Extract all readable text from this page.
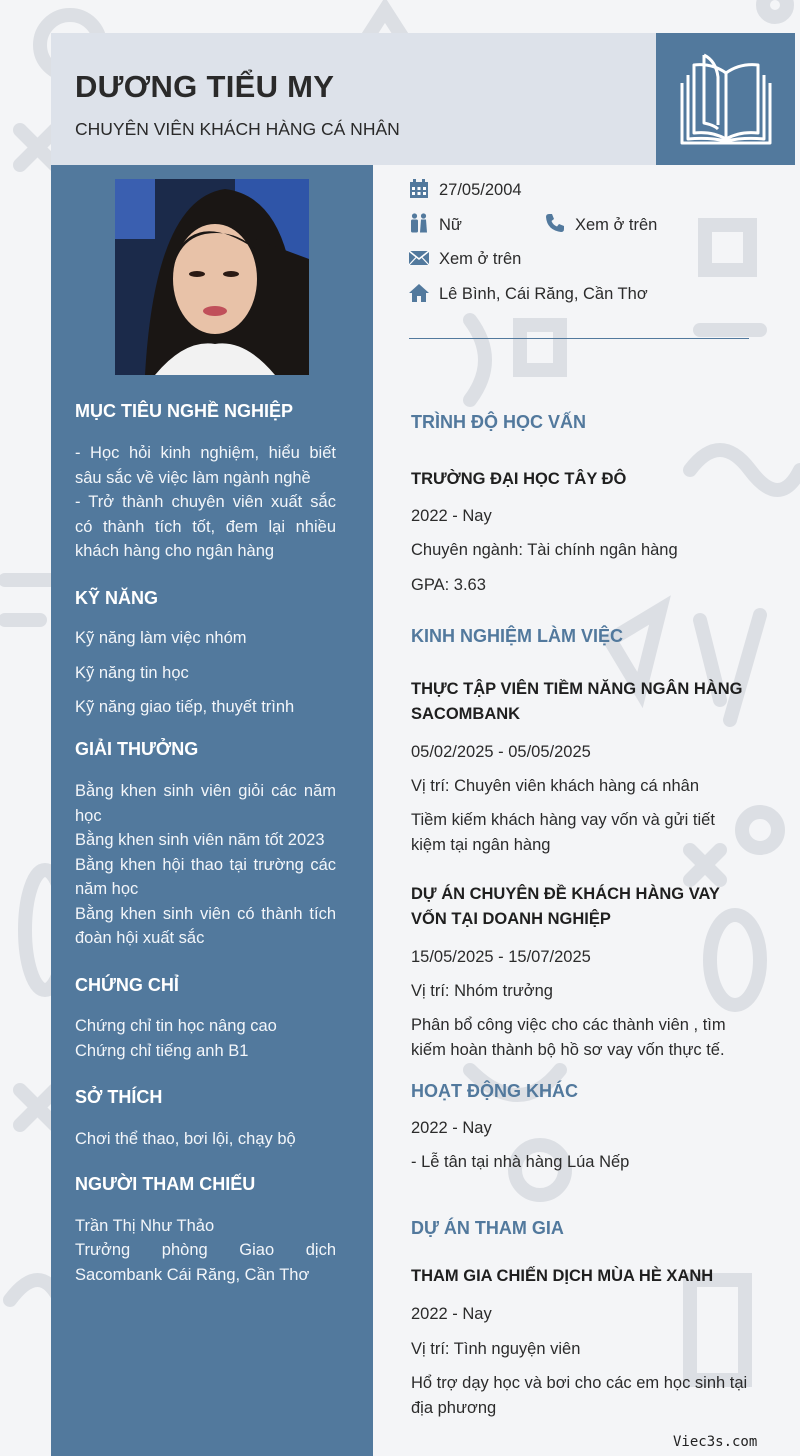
DƯƠNG TIỂU MY
CHUYÊN VIÊN KHÁCH HÀNG CÁ NHÂN
MỤC TIÊU NGHỀ NGHIỆP
- Học hỏi kinh nghiệm, hiểu biết sâu sắc về việc làm ngành nghề
- Trở thành chuyên viên xuất sắc có thành tích tốt, đem lại nhiều khách hàng cho ngân hàng
KỸ NĂNG
Kỹ năng làm việc nhóm
Kỹ năng tin học
Kỹ năng giao tiếp, thuyết trình
GIẢI THƯỞNG
Bằng khen sinh viên giỏi các năm học
Bằng khen sinh viên năm tốt 2023
Bằng khen hội thao tại trường các năm học
Bằng khen sinh viên có thành tích đoàn hội xuất sắc
CHỨNG CHỈ
Chứng chỉ tin học nâng cao
Chứng chỉ tiếng anh B1
SỞ THÍCH
Chơi thể thao, bơi lội, chạy bộ
NGƯỜI THAM CHIẾU
Trần Thị Như Thảo
Trưởng phòng Giao dịch Sacombank Cái Răng, Cần Thơ
27/05/2004
Nữ	Xem ở trên
Xem ở trên
Lê Bình, Cái Răng, Cần Thơ
TRÌNH ĐỘ HỌC VẤN
TRƯỜNG ĐẠI HỌC TÂY ĐÔ
2022 - Nay
Chuyên ngành: Tài chính ngân hàng
GPA: 3.63
KINH NGHIỆM LÀM VIỆC
THỰC TẬP VIÊN TIỀM NĂNG NGÂN HÀNG SACOMBANK
05/02/2025 - 05/05/2025
Vị trí: Chuyên viên khách hàng cá nhân
Tiềm kiếm khách hàng vay vốn và gửi tiết kiệm tại ngân hàng
DỰ ÁN CHUYÊN ĐỀ KHÁCH HÀNG VAY VỐN TẠI DOANH NGHIỆP
15/05/2025 - 15/07/2025
Vị trí: Nhóm trưởng
Phân bổ công việc cho các thành viên , tìm kiếm hoàn thành bộ hồ sơ vay vốn thực tế.
HOẠT ĐỘNG KHÁC
2022 - Nay
- Lễ tân tại nhà hàng Lúa Nếp
DỰ ÁN THAM GIA
THAM GIA CHIẾN DỊCH MÙA HÈ XANH
2022 - Nay
Vị trí: Tình nguyện viên
Hổ trợ dạy học và bơi cho các em học sinh tại địa phương
Viec3s.com
